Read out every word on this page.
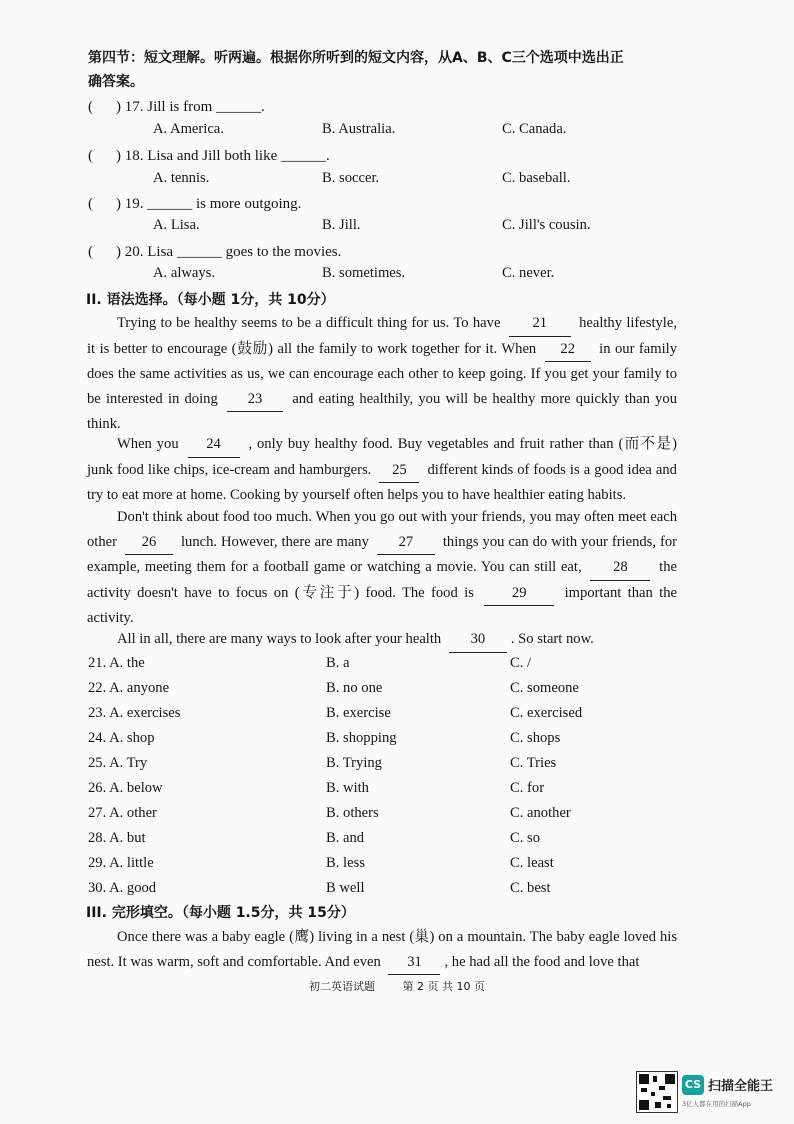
第四节：短文理解。听两遍。根据你所听到的短文内容，从A、B、C三个选项中选出正
确答案。
( ) 17. Jill is from ______.
A. America.	B. Australia.	C. Canada.
( ) 18. Lisa and Jill both like ______.
A. tennis.	B. soccer.	C. baseball.
( ) 19. ______ is more outgoing.
A. Lisa.	B. Jill.	C. Jill's cousin.
( ) 20. Lisa ______ goes to the movies.
A. always.	B. sometimes.	C. never.
II. 语法选择。（每小题 1分，共 10分）
Trying to be healthy seems to be a difficult thing for us. To have 21 healthy lifestyle, it is better to encourage (鼓励) all the family to work together for it. When 22 in our family does the same activities as us, we can encourage each other to keep going. If you get your family to be interested in doing 23 and eating healthily, you will be healthy more quickly than you think.
When you 24 , only buy healthy food. Buy vegetables and fruit rather than (而不是) junk food like chips, ice-cream and hamburgers. 25 different kinds of foods is a good idea and try to eat more at home. Cooking by yourself often helps you to have healthier eating habits.
Don't think about food too much. When you go out with your friends, you may often meet each other 26 lunch. However, there are many 27 things you can do with your friends, for example, meeting them for a football game or watching a movie. You can still eat, 28 the activity doesn't have to focus on (专注于) food. The food is	29	important than the activity.
All in all, there are many ways to look after your health 30 . So start now.
21. A. the	B. a	C. /
22. A. anyone	B. no one	C. someone
23. A. exercises	B. exercise	C. exercised
24. A. shop	B. shopping	C. shops
25. A. Try	B. Trying	C. Tries
26. A. below	B. with	C. for
27. A. other	B. others	C. another
28. A. but	B. and	C. so
29. A. little	B. less	C. least
30. A. good	B well	C. best
III. 完形填空。（每小题 1.5分，共 15分）
Once there was a baby eagle (鹰) living in a nest (巢) on a mountain. The baby eagle loved his nest. It was warm, soft and comfortable. And even 31 , he had all the food and love that
初二英语试题	第 2 页 共 10 页
CS 扫描全能王
3亿人都在用的扫描App
